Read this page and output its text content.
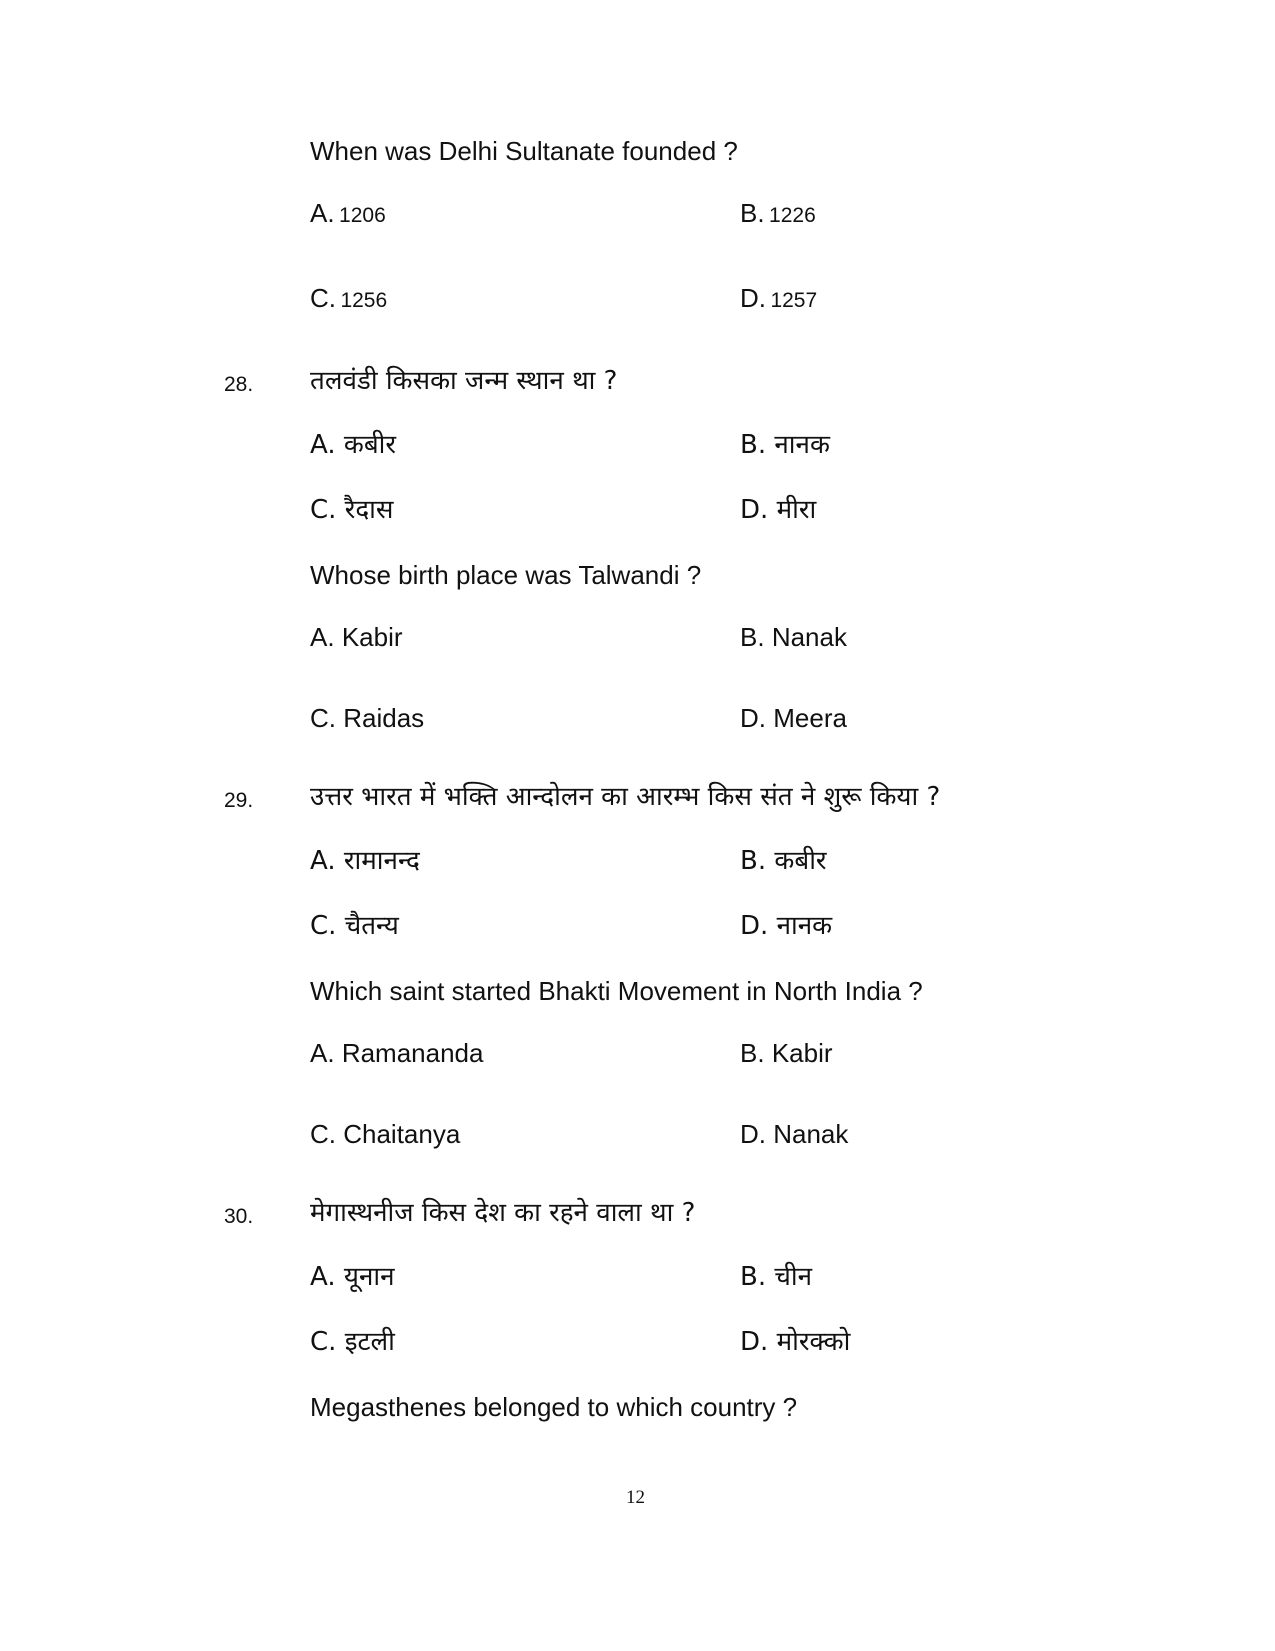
When was Delhi Sultanate founded ?
A. 1206	B. 1226
C. 1256	D. 1257
28. तलवंडी किसका जन्म स्थान था ?
A. कबीर	B. नानक
C. रैदास	D. मीरा
Whose birth place was Talwandi ?
A. Kabir	B. Nanak
C. Raidas	D. Meera
29. उत्तर भारत में भक्ति आन्दोलन का आरम्भ किस संत ने शुरू किया ?
A. रामानन्द	B. कबीर
C. चैतन्य	D. नानक
Which saint started Bhakti Movement in North India ?
A. Ramananda	B. Kabir
C. Chaitanya	D. Nanak
30. मेगास्थनीज किस देश का रहने वाला था ?
A. यूनान	B. चीन
C. इटली	D. मोरक्को
Megasthenes belonged to which country ?
12
